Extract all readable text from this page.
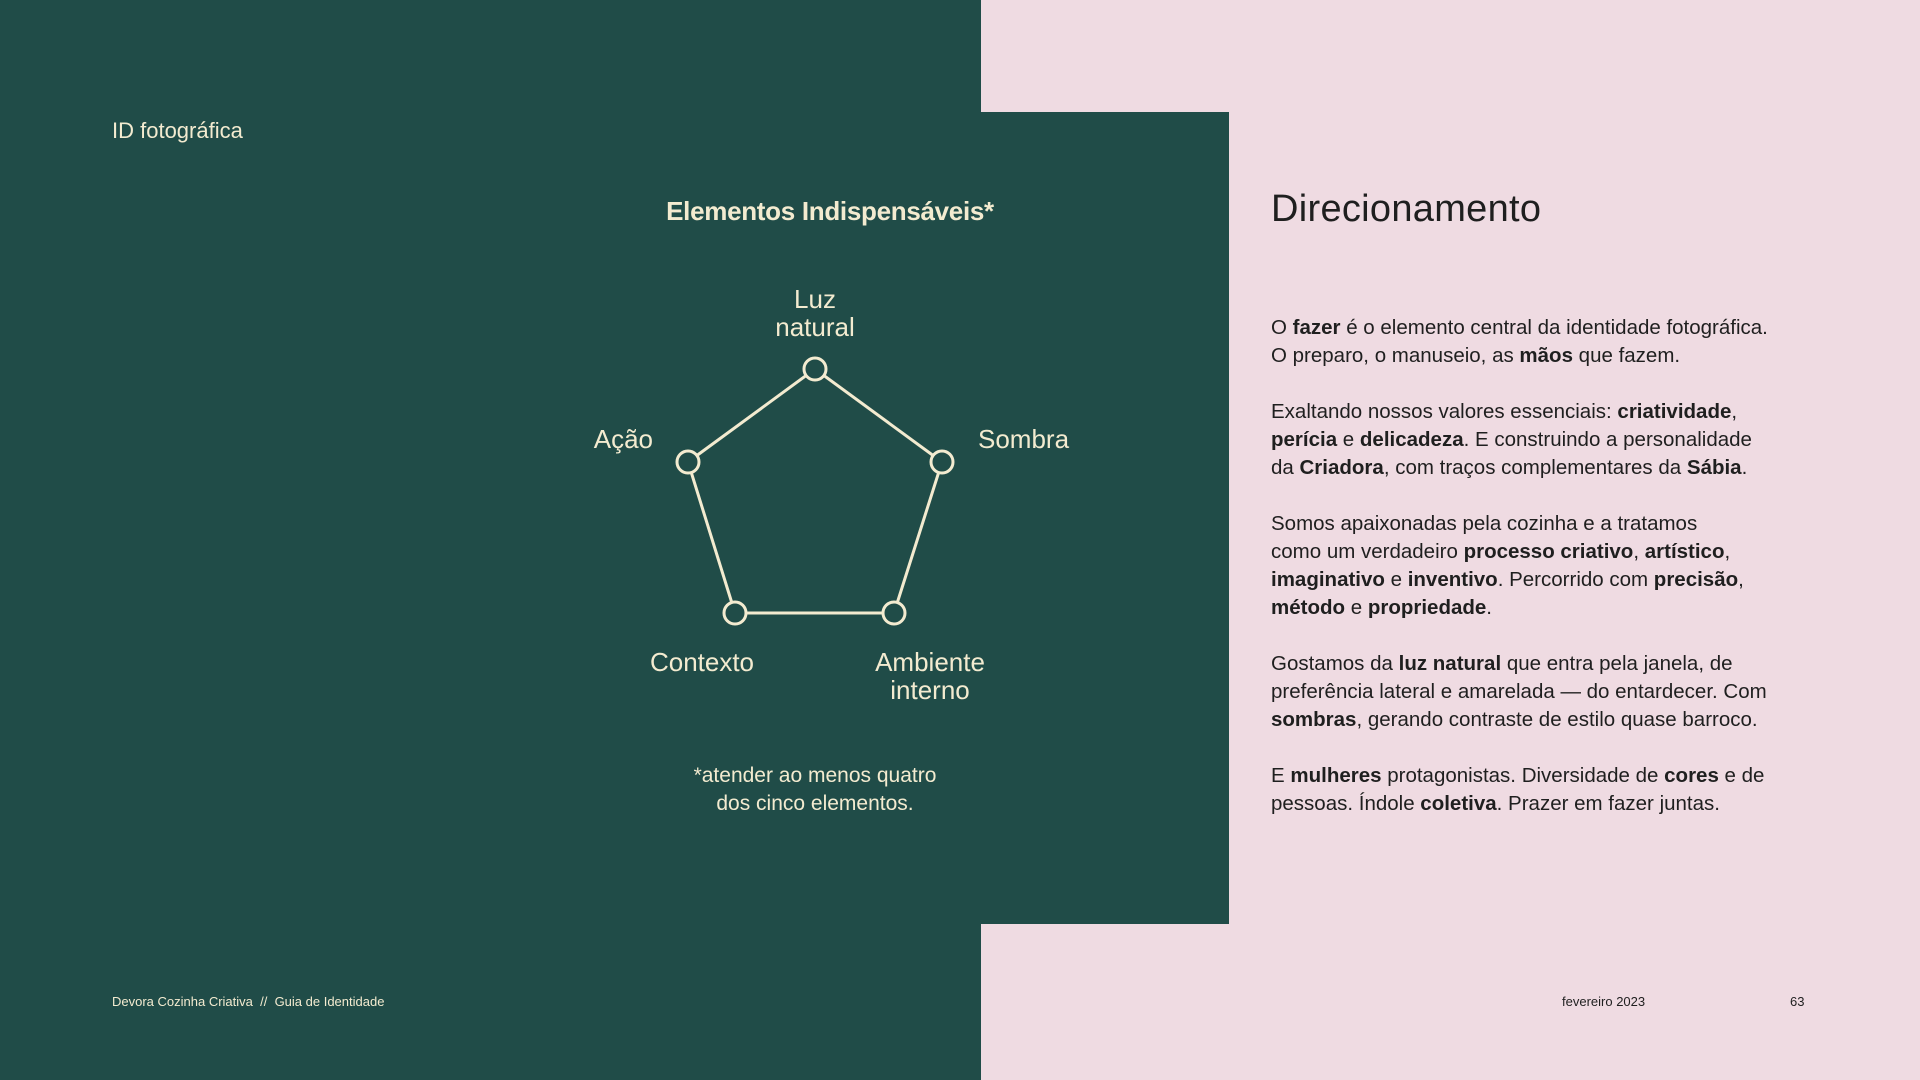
ID fotográfica
Elementos Indispensáveis*
Luz
natural
Sombra
Ação
Contexto	Ambiente
interno
*atender ao menos quatro
dos cinco elementos.
Direcionamento

O fazer é o elemento central da identidade fotográfica.
O preparo, o manuseio, as mãos que fazem.

Exaltando nossos valores essenciais: criatividade,
perícia e delicadeza. E construindo a personalidade
da Criadora, com traços complementares da Sábia.

Somos apaixonadas pela cozinha e a tratamos
como um verdadeiro processo criativo, artístico,
imaginativo e inventivo. Percorrido com precisão,
método e propriedade.

Gostamos da luz natural que entra pela janela, de
preferência lateral e amarelada — do entardecer. Com
sombras, gerando contraste de estilo quase barroco.

E mulheres protagonistas. Diversidade de cores e de
pessoas. Índole coletiva. Prazer em fazer juntas.

Devora Cozinha Criativa  //  Guia de Identidade	fevereiro 2023	63
